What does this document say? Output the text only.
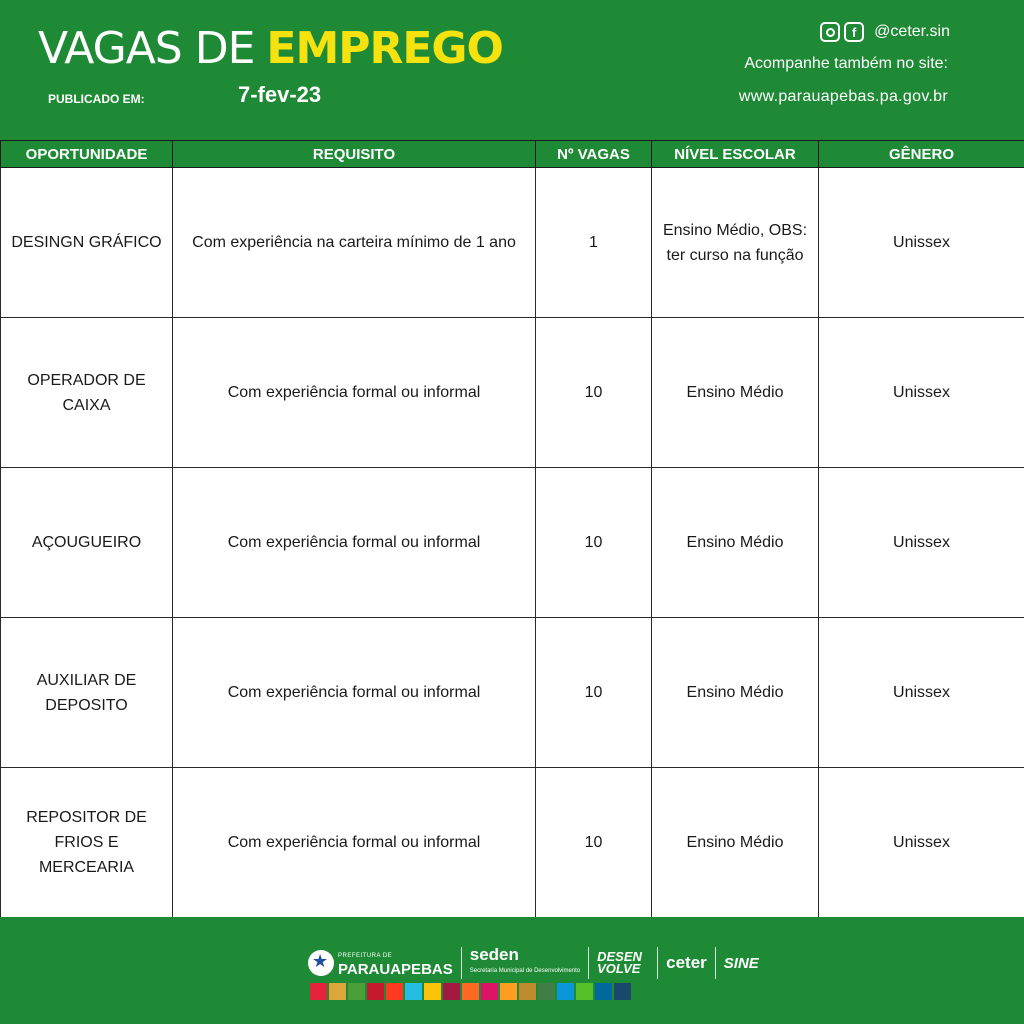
VAGAS DE EMPREGO
PUBLICADO EM:	7-fev-23
f	@ceter.sin
Acompanhe também no site:
www.parauapebas.pa.gov.br
OPORTUNIDADE	REQUISITO	Nº VAGAS	NÍVEL ESCOLAR	GÊNERO
DESINGN GRÁFICO	Com experiência na carteira mínimo de 1 ano	1	Ensino Médio, OBS: ter curso na função	Unissex
OPERADOR DE CAIXA	Com experiência formal ou informal	10	Ensino Médio	Unissex
AÇOUGUEIRO	Com experiência formal ou informal	10	Ensino Médio	Unissex
AUXILIAR DE DEPOSITO	Com experiência formal ou informal	10	Ensino Médio	Unissex
REPOSITOR DE FRIOS E MERCEARIA	Com experiência formal ou informal	10	Ensino Médio	Unissex
★
PREFEITURA DE
PARAUAPEBAS
seden
Secretaria Municipal de Desenvolvimento
DESEN VOLVE	ceter SINE
